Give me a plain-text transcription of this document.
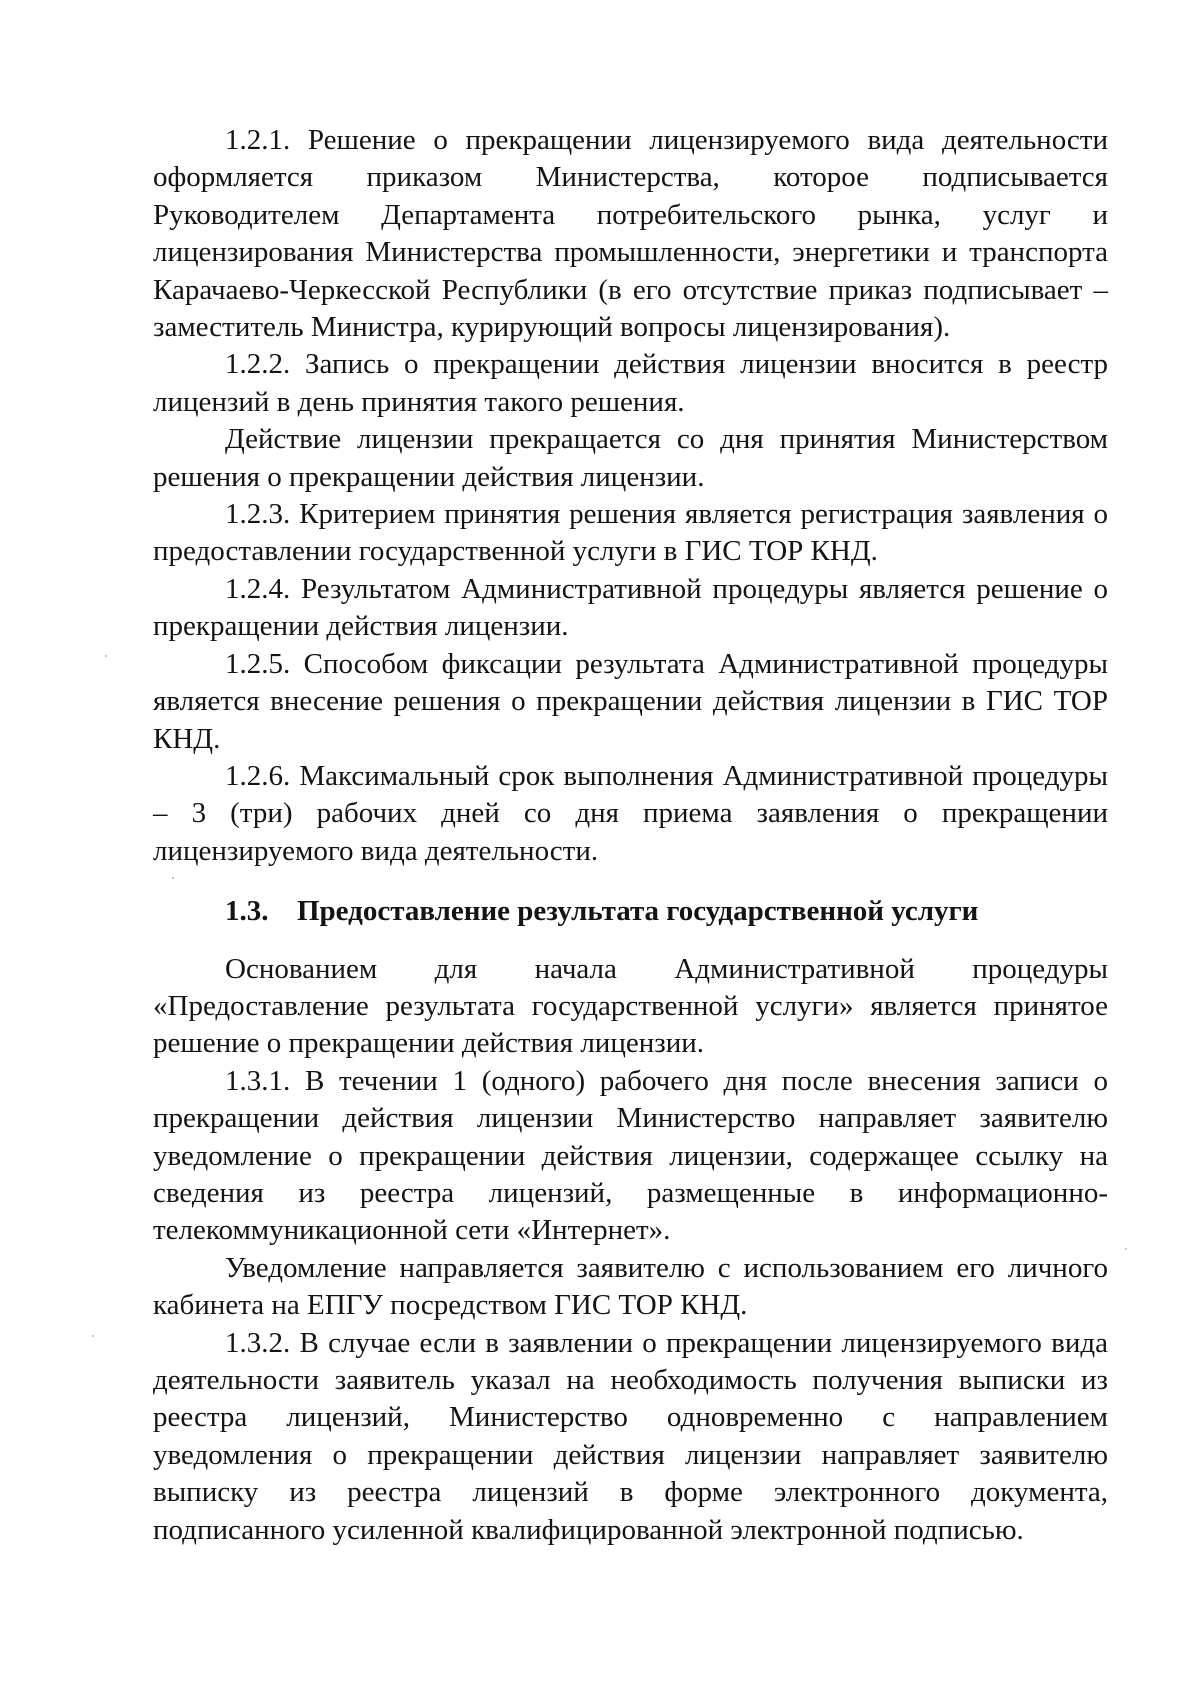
1.2.1. Решение о прекращении лицензируемого вида деятельности оформляется приказом Министерства, которое подписывается Руководителем Департамента потребительского рынка, услуг и лицензирования Министерства промышленности, энергетики и транспорта Карачаево-Черкесской Республики (в его отсутствие приказ подписывает – заместитель Министра, курирующий вопросы лицензирования).

1.2.2. Запись о прекращении действия лицензии вносится в реестр лицензий в день принятия такого решения.

Действие лицензии прекращается со дня принятия Министерством решения о прекращении действия лицензии.

1.2.3. Критерием принятия решения является регистрация заявления о предоставлении государственной услуги в ГИС ТОР КНД.

1.2.4. Результатом Административной процедуры является решение о прекращении действия лицензии.

1.2.5. Способом фиксации результата Административной процедуры является внесение решения о прекращении действия лицензии в ГИС ТОР КНД.

1.2.6. Максимальный срок выполнения Административной процедуры – 3 (три) рабочих дней со дня приема заявления о прекращении лицензируемого вида деятельности.

1.3. Предоставление результата государственной услуги

Основанием для начала Административной процедуры «Предоставление результата государственной услуги» является принятое решение о прекращении действия лицензии.

1.3.1. В течении 1 (одного) рабочего дня после внесения записи о прекращении действия лицензии Министерство направляет заявителю уведомление о прекращении действия лицензии, содержащее ссылку на сведения из реестра лицензий, размещенные в информационно-телекоммуникационной сети «Интернет».

Уведомление направляется заявителю с использованием его личного кабинета на ЕПГУ посредством ГИС ТОР КНД.

1.3.2. В случае если в заявлении о прекращении лицензируемого вида деятельности заявитель указал на необходимость получения выписки из реестра лицензий, Министерство одновременно с направлением уведомления о прекращении действия лицензии направляет заявителю выписку из реестра лицензий в форме электронного документа, подписанного усиленной квалифицированной электронной подписью.
